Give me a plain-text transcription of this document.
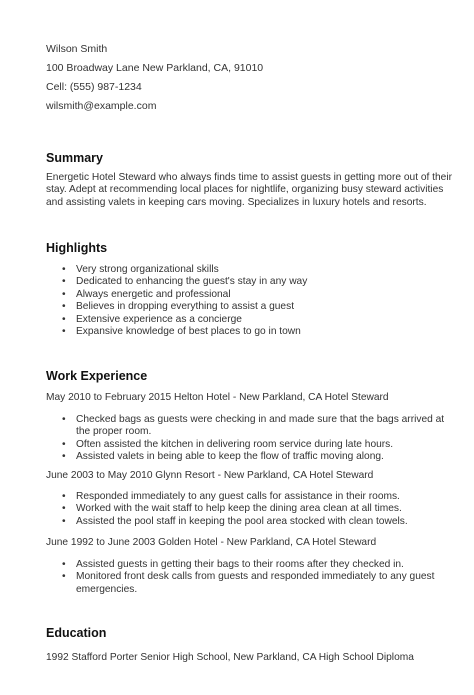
Wilson Smith
100 Broadway Lane New Parkland, CA, 91010
Cell: (555) 987-1234
wilsmith@example.com
Summary
Energetic Hotel Steward who always finds time to assist guests in getting more out of their stay. Adept at recommending local places for nightlife, organizing busy steward activities and assisting valets in keeping cars moving. Specializes in luxury hotels and resorts.
Highlights
• Very strong organizational skills
• Dedicated to enhancing the guest's stay in any way
• Always energetic and professional
• Believes in dropping everything to assist a guest
• Extensive experience as a concierge
• Expansive knowledge of best places to go in town
Work Experience
May 2010 to February 2015 Helton Hotel - New Parkland, CA Hotel Steward
• Checked bags as guests were checking in and made sure that the bags arrived at the proper room.
• Often assisted the kitchen in delivering room service during late hours.
• Assisted valets in being able to keep the flow of traffic moving along.
June 2003 to May 2010 Glynn Resort - New Parkland, CA Hotel Steward
• Responded immediately to any guest calls for assistance in their rooms.
• Worked with the wait staff to help keep the dining area clean at all times.
• Assisted the pool staff in keeping the pool area stocked with clean towels.
June 1992 to June 2003 Golden Hotel - New Parkland, CA Hotel Steward
• Assisted guests in getting their bags to their rooms after they checked in.
• Monitored front desk calls from guests and responded immediately to any guest emergencies.
Education
1992 Stafford Porter Senior High School, New Parkland, CA High School Diploma
